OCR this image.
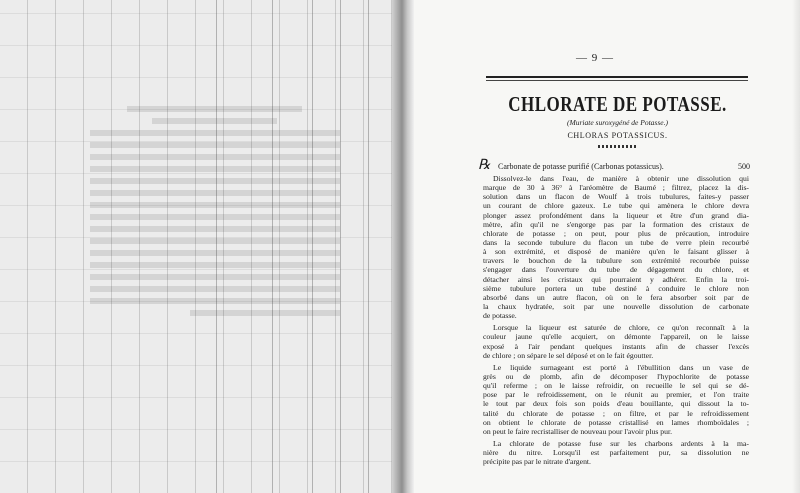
— 9 —
CHLORATE DE POTASSE.
(Muriate suroxygéné de Potasse.)
CHLORAS POTASSICUS.
℞ Carbonate de potasse purifié (Carbonas potassicus).	500
Dissolvez-le dans l'eau, de manière à obtenir une dissolution qui
marque de 30 à 36° à l'aréomètre de Baumé ; filtrez, placez la dis-
solution dans un flacon de Woulf à trois tubulures, faites-y passer
un courant de chlore gazeux. Le tube qui amènera le chlore devra
plonger assez profondément dans la liqueur et être d'un grand dia-
mètre, afin qu'il ne s'engorge pas par la formation des cristaux de
chlorate de potasse ; on peut, pour plus de précaution, introduire
dans la seconde tubulure du flacon un tube de verre plein recourbé
à son extrémité, et disposé de manière qu'en le faisant glisser à
travers le bouchon de la tubulure son extrémité recourbée puisse
s'engager dans l'ouverture du tube de dégagement du chlore, et
détacher ainsi les cristaux qui pourraient y adhérer. Enfin la troi-
sième tubulure portera un tube destiné à conduire le chlore non
absorbé dans un autre flacon, où on le fera absorber soit par de
la chaux hydratée, soit par une nouvelle dissolution de carbonate
de potasse.
Lorsque la liqueur est saturée de chlore, ce qu'on reconnaît à la
couleur jaune qu'elle acquiert, on démonte l'appareil, on le laisse
exposé à l'air pendant quelques instants afin de chasser l'excès
de chlore ; on sépare le sel déposé et on le fait égoutter.
Le liquide surnageant est porté à l'ébullition dans un vase de
grès ou de plomb, afin de décomposer l'hypochlorite de potasse
qu'il referme ; on le laisse refroidir, on recueille le sel qui se dé-
pose par le refroidissement, on le réunit au premier, et l'on traite
le tout par deux fois son poids d'eau bouillante, qui dissout la to-
talité du chlorate de potasse ; on filtre, et par le refroidissement
on obtient le chlorate de potasse cristallisé en lames rhomboïdales ;
on peut le faire recristalliser de nouveau pour l'avoir plus pur.
La chlorate de potasse fuse sur les charbons ardents à la ma-
nière du nitre. Lorsqu'il est parfaitement pur, sa dissolution ne
précipite pas par le nitrate d'argent.
